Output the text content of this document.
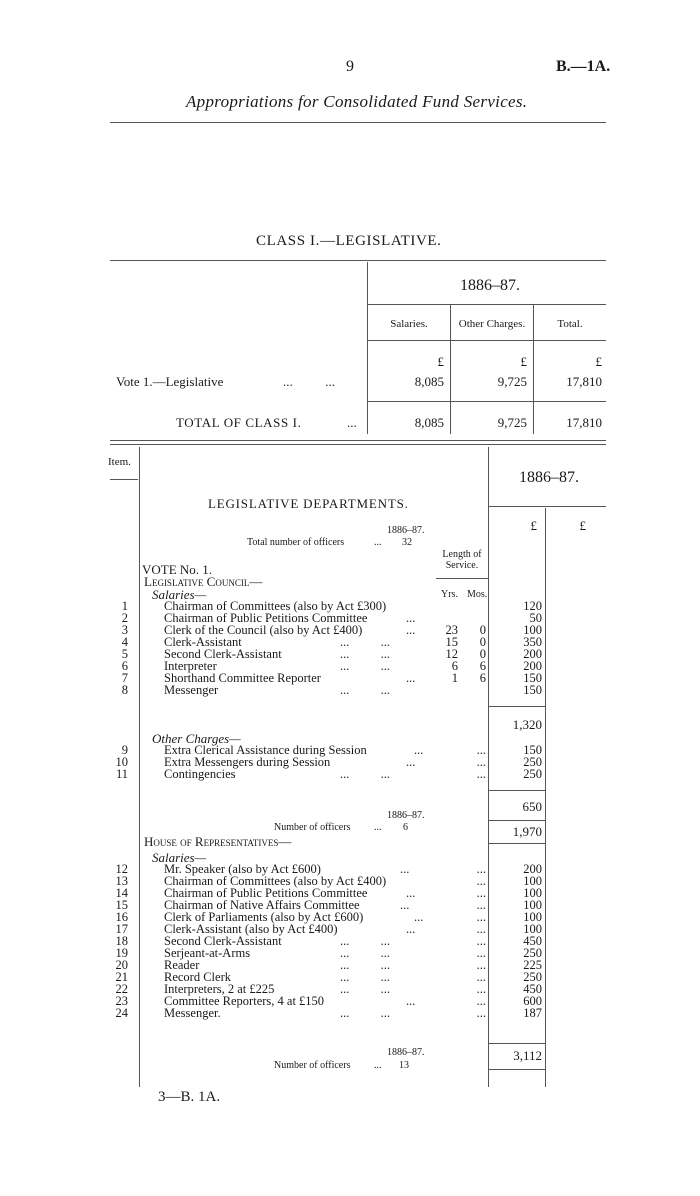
9	B.—1A.
Appropriations for Consolidated Fund Services.
CLASS I.—LEGISLATIVE.
1886–87.
Salaries.	Other Charges.	Total.
£	£	£
Vote 1.—Legislative	...          ...	8,085	9,725	17,810
TOTAL OF CLASS I.	...	8,085	9,725	17,810
Item.
1886–87.
LEGISLATIVE DEPARTMENTS.
£	£
1886–87.
Total number of officers	... 32
VOTE No. 1.
Length of Service.
Legislative Council—
Salaries—	Yrs. Mos.
1	Chairman of Committees (also by Act £300)	120
2	Chairman of Public Petitions Committee	...	50
3	Clerk of the Council (also by Act £400)	...	23	0	100
4	Clerk-Assistant	...          ...	15	0	350
5	Second Clerk-Assistant	...          ...	12	0	200
6	Interpreter	...          ...	6	6	200
7	Shorthand Committee Reporter	...	1	6	150
8	Messenger	...          ...	150
1,320
Other Charges—
9	Extra Clerical Assistance during Session	...	...	150
10	Extra Messengers during Session	...	...	250
11	Contingencies	...          ...	...	250
650
1886–87.
Number of officers ... 6	1,970
House of Representatives—
Salaries—
12	Mr. Speaker (also by Act £600)	...	...	200
13	Chairman of Committees (also by Act £400)	...	100
14	Chairman of Public Petitions Committee	...	...	100
15	Chairman of Native Affairs Committee	...	...	100
16	Clerk of Parliaments (also by Act £600)	...	...	100
17	Clerk-Assistant (also by Act £400)	...	...	100
18	Second Clerk-Assistant	...          ...	...	450
19	Serjeant-at-Arms	...          ...	...	250
20	Reader	...          ...	...	225
21	Record Clerk	...          ...	...	250
22	Interpreters, 2 at £225	...          ...	...	450
23	Committee Reporters, 4 at £150	...	...	600
24	Messenger.	...          ...	...	187
1886–87.
Number of officers ... 13
3,112
3—B. 1A.
